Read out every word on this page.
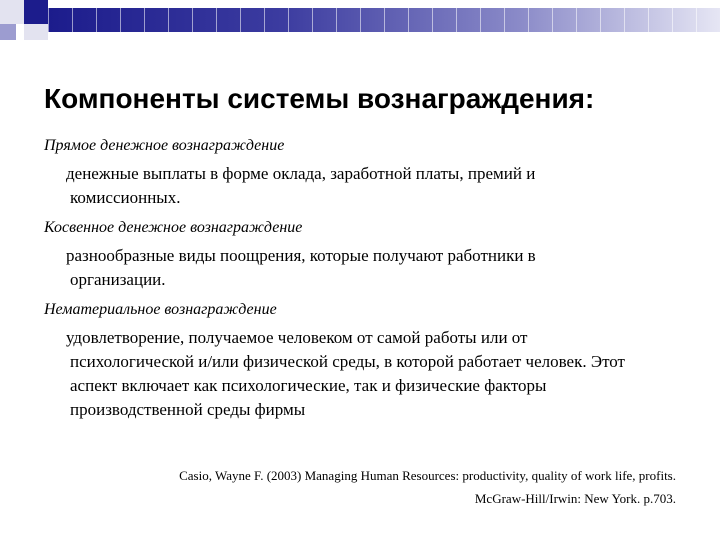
Компоненты системы вознаграждения:

Прямое денежное вознаграждение

денежные выплаты в форме оклада, заработной платы, премий и
комиссионных.

Косвенное денежное вознаграждение

разнообразные виды поощрения, которые получают работники в
организации.

Нематериальное вознаграждение

удовлетворение, получаемое человеком от самой работы или от
психологической и/или физической среды, в которой работает человек. Этот аспект включает как психологические, так и физические факторы производственной среды фирмы
Casio, Wayne F. (2003) Managing Human Resources: productivity, quality of work life, profits.
McGraw-Hill/Irwin: New York. p.703.
